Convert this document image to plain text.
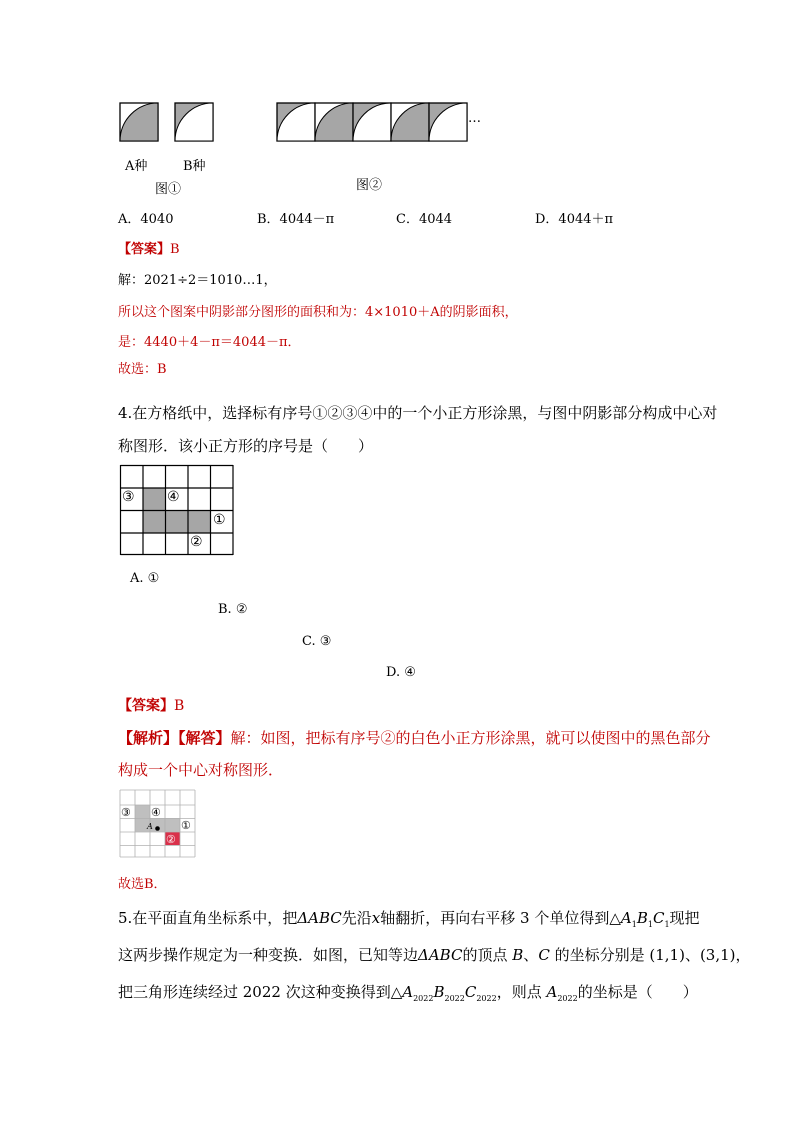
…
A种	B种
图①	图②
A．4040	B．4044－π	C．4044	D．4044＋π
【答案】B
解：2021÷2＝1010…1，
所以这个图案中阴影部分图形的面积和为：4×1010＋A的阴影面积，
是：4440＋4－π＝4044－π．
故选：B
4.在方格纸中，选择标有序号①②③④中的一个小正方形涂黑，与图中阴影部分构成中心对
称图形．该小正方形的序号是（　　）
③ ④
①
②
A. ①
B. ②
C. ③
D. ④
【答案】B
【解析】【解答】解：如图，把标有序号②的白色小正方形涂黑，就可以使图中的黑色部分
构成一个中心对称图形．
③ ④
A	①
②
故选B．
5.在平面直角坐标系中，把ΔABC先沿x轴翻折，再向右平移 3 个单位得到$\triangle A_1B_1C_1$现把
这两步操作规定为一种变换．如图，已知等边ΔABC的顶点 B、C 的坐标分别是 (1,1)、(3,1)，
把三角形连续经过 2022 次这种变换得到$\triangle A_{2022}B_{2022}C_{2022}$，则点 $A_{2022}$的坐标是（　　）
